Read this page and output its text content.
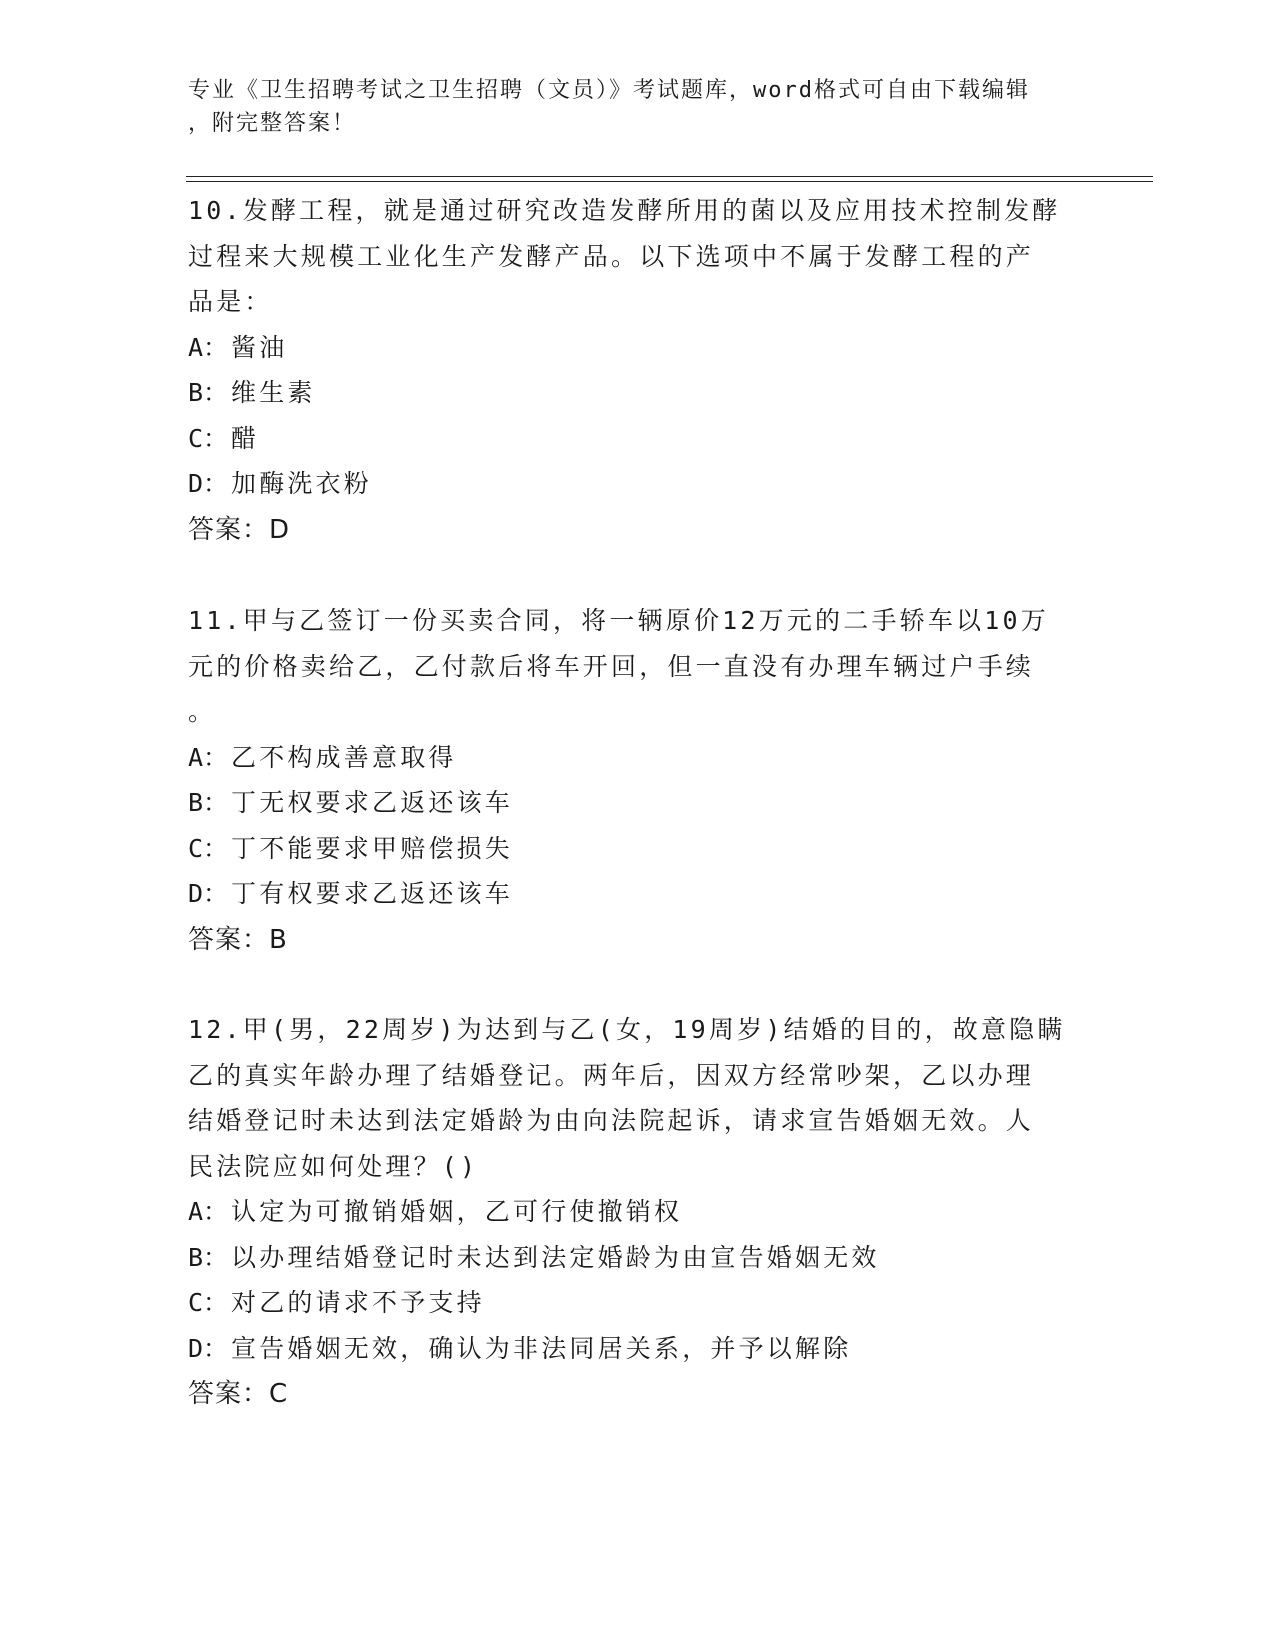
专业《卫生招聘考试之卫生招聘（文员）》考试题库，word格式可自由下载编辑
，附完整答案！

10.发酵工程，就是通过研究改造发酵所用的菌以及应用技术控制发酵

过程来大规模工业化生产发酵产品。以下选项中不属于发酵工程的产

品是：

A： 酱油

B： 维生素

C： 醋

D： 加酶洗衣粉

答案：D

11.甲与乙签订一份买卖合同，将一辆原价12万元的二手轿车以10万

元的价格卖给乙，乙付款后将车开回，但一直没有办理车辆过户手续

。

A： 乙不构成善意取得

B： 丁无权要求乙返还该车

C： 丁不能要求甲赔偿损失

D： 丁有权要求乙返还该车

答案：B

12.甲(男，22周岁)为达到与乙(女，19周岁)结婚的目的，故意隐瞒

乙的真实年龄办理了结婚登记。两年后，因双方经常吵架，乙以办理

结婚登记时未达到法定婚龄为由向法院起诉，请求宣告婚姻无效。人

民法院应如何处理？()

A： 认定为可撤销婚姻，乙可行使撤销权

B： 以办理结婚登记时未达到法定婚龄为由宣告婚姻无效

C： 对乙的请求不予支持

D： 宣告婚姻无效，确认为非法同居关系，并予以解除

答案：C
